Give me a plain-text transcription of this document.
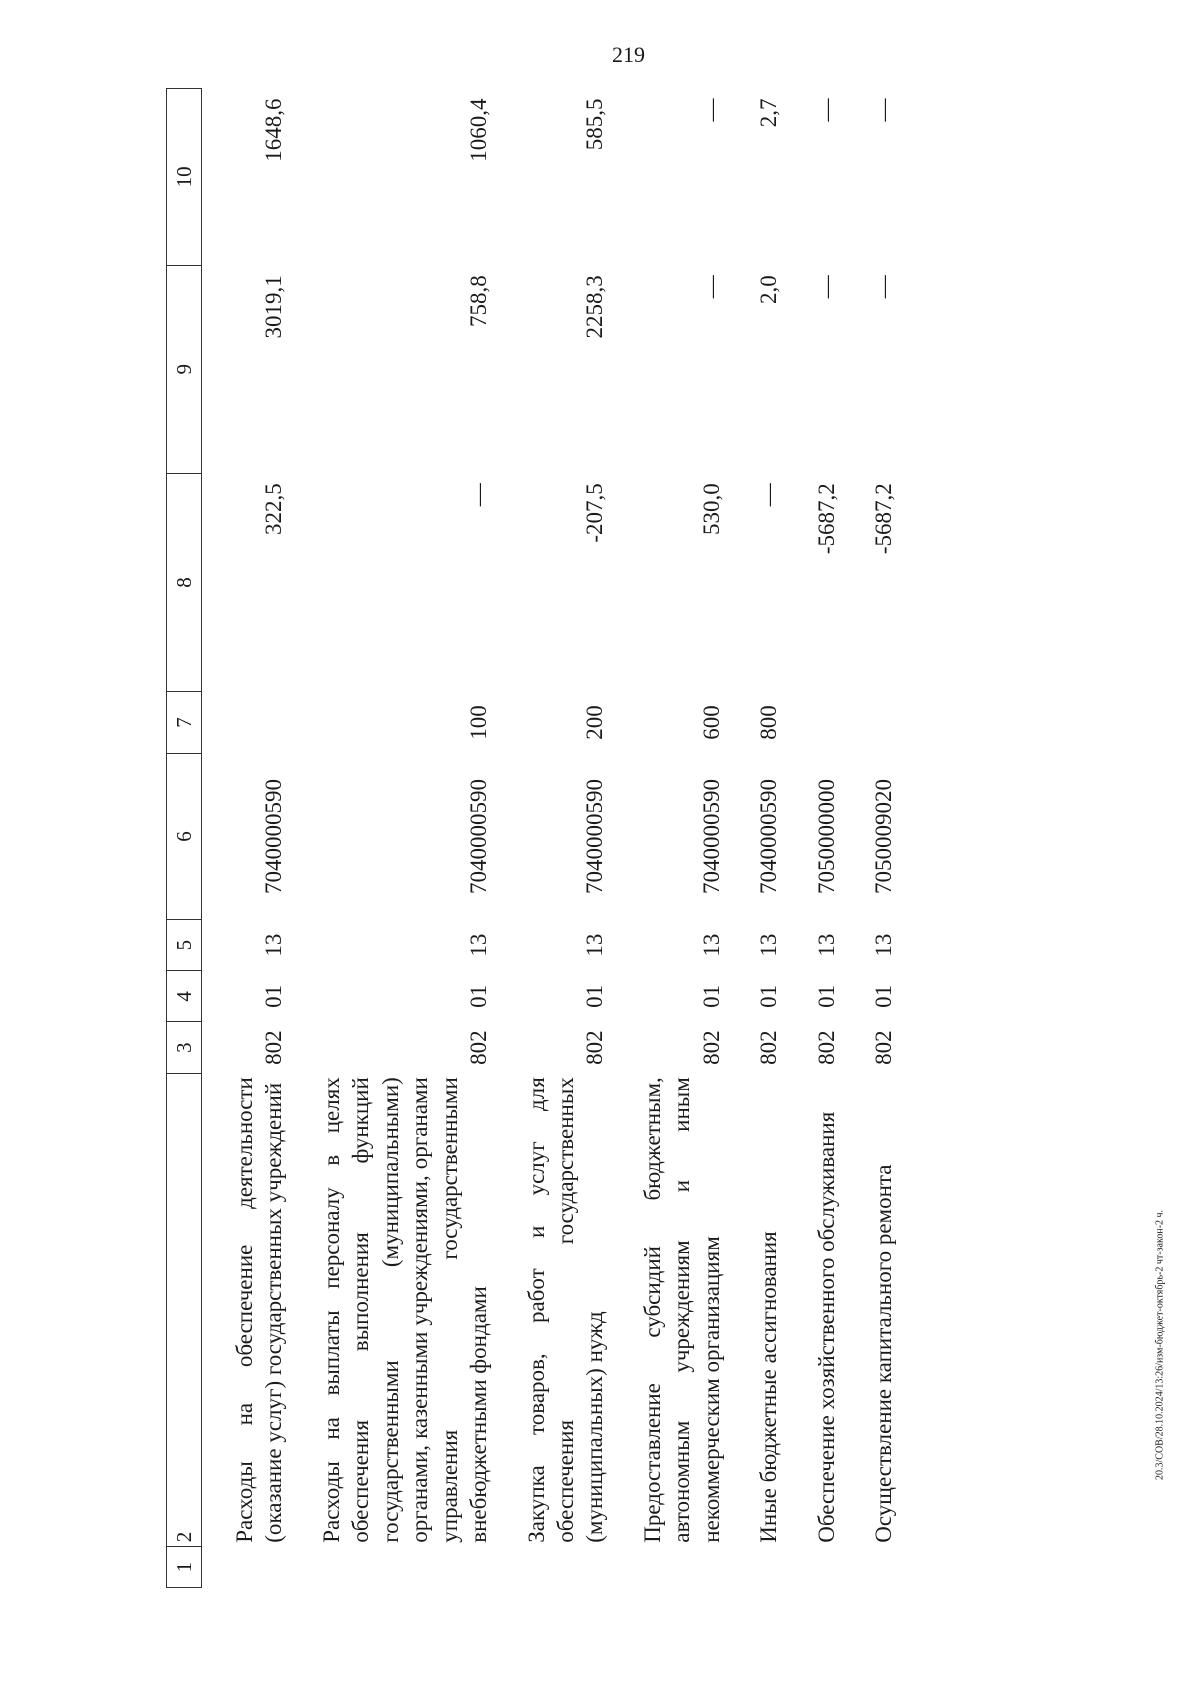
219
1	2	3	4	5	6	7	8	9	10
	Расходы на обеспечение деятельности (оказание услуг) государственных учреждений	802	01	13	7040000590		322,5	3019,1	1648,6
	Расходы на выплаты персоналу в целях обеспечения выполнения функций государственными (муниципальными) органами, казенными учреждениями, органами управления государственными внебюджетными фондами	802	01	13	7040000590	100	—	758,8	1060,4
	Закупка товаров, работ и услуг для обеспечения государственных (муниципальных) нужд	802	01	13	7040000590	200	-207,5	2258,3	585,5
	Предоставление субсидий бюджетным, автономным учреждениям и иным некоммерческим организациям	802	01	13	7040000590	600	530,0	—	—
	Иные бюджетные ассигнования	802	01	13	7040000590	800	—	2,0	2,7
	Обеспечение хозяйственного обслуживания	802	01	13	7050000000		-5687,2	—	—
	Осуществление капитального ремонта	802	01	13	7050009020		-5687,2	—	—
20.3/СОВ/28.10.2024/13:26/изм-бюджет-октябрь-2 чт-закон-2 ч.
